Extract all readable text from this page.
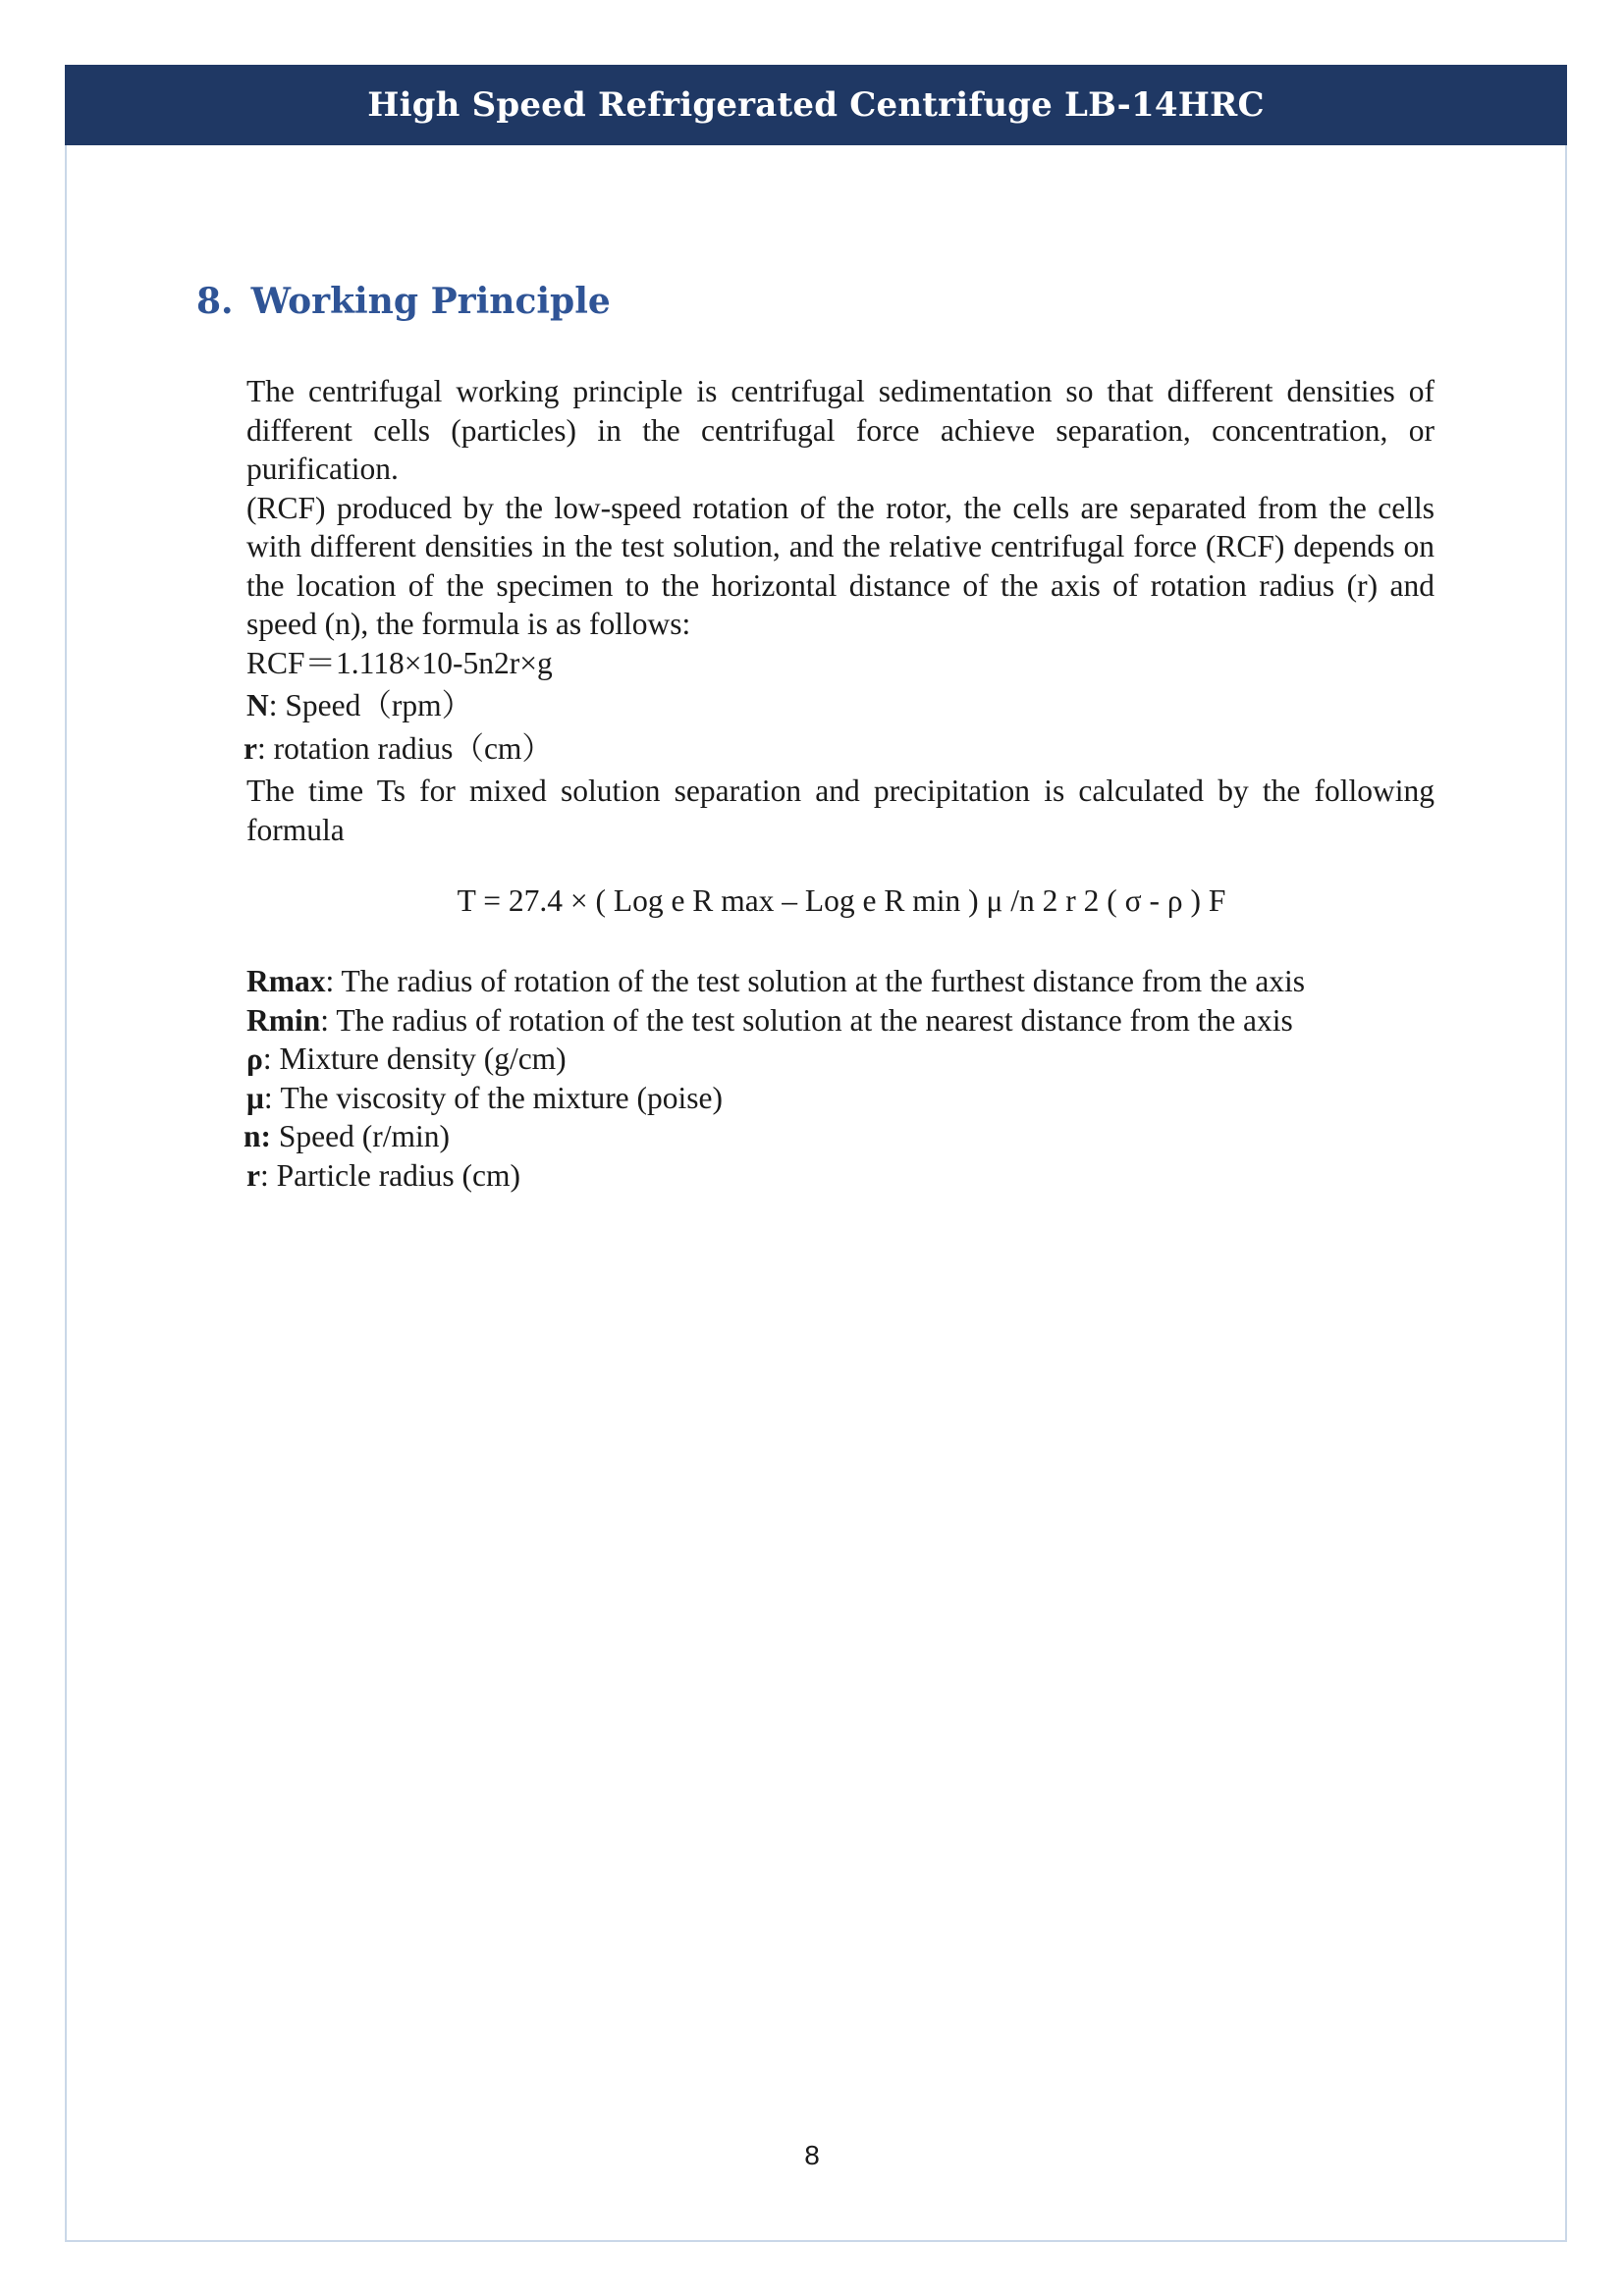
High Speed Refrigerated Centrifuge LB-14HRC
8. Working Principle

The centrifugal working principle is centrifugal sedimentation so that different densities of different cells (particles) in the centrifugal force achieve separation, concentration, or purification.

(RCF) produced by the low-speed rotation of the rotor, the cells are separated from the cells with different densities in the test solution, and the relative centrifugal force (RCF) depends on the location of the specimen to the horizontal distance of the axis of rotation radius (r) and speed (n), the formula is as follows:

RCF＝1.118×10-5n2r×g

N: Speed（rpm）

r: rotation radius（cm）

The time Ts for mixed solution separation and precipitation is calculated by the following formula

T = 27.4 × ( Log e R max – Log e R min ) μ /n 2 r 2 ( σ - ρ ) F

Rmax: The radius of rotation of the test solution at the furthest distance from the axis

Rmin: The radius of rotation of the test solution at the nearest distance from the axis

ρ: Mixture density (g/cm)

μ: The viscosity of the mixture (poise)

n: Speed (r/min)

r: Particle radius (cm)

8
